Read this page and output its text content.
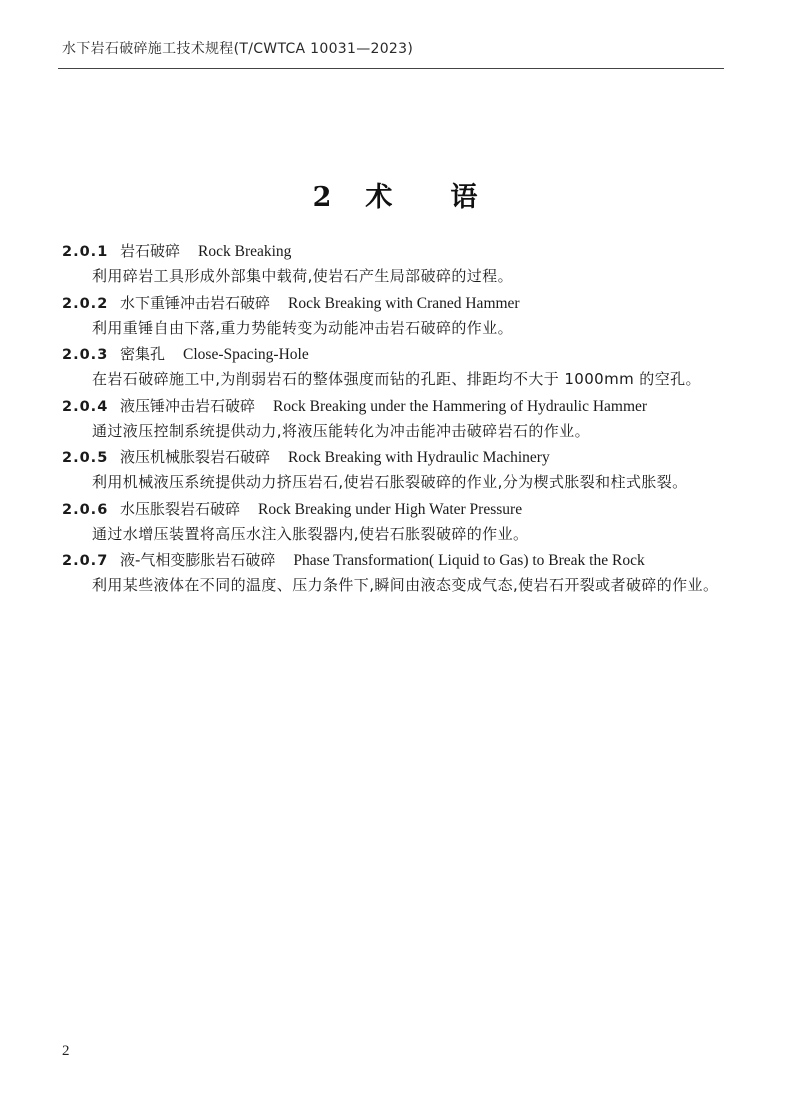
水下岩石破碎施工技术规程(T/CWTCA 10031—2023)
2 术 语
2.0.1 岩石破碎 Rock Breaking

利用碎岩工具形成外部集中载荷,使岩石产生局部破碎的过程。

2.0.2 水下重锤冲击岩石破碎 Rock Breaking with Craned Hammer

利用重锤自由下落,重力势能转变为动能冲击岩石破碎的作业。

2.0.3 密集孔 Close-Spacing-Hole

在岩石破碎施工中,为削弱岩石的整体强度而钻的孔距、排距均不大于 1000mm 的空孔。

2.0.4 液压锤冲击岩石破碎 Rock Breaking under the Hammering of Hydraulic Hammer

通过液压控制系统提供动力,将液压能转化为冲击能冲击破碎岩石的作业。

2.0.5 液压机械胀裂岩石破碎 Rock Breaking with Hydraulic Machinery

利用机械液压系统提供动力挤压岩石,使岩石胀裂破碎的作业,分为楔式胀裂和柱式胀裂。

2.0.6 水压胀裂岩石破碎 Rock Breaking under High Water Pressure

通过水增压装置将高压水注入胀裂器内,使岩石胀裂破碎的作业。

2.0.7 液-气相变膨胀岩石破碎 Phase Transformation( Liquid to Gas) to Break the Rock

利用某些液体在不同的温度、压力条件下,瞬间由液态变成气态,使岩石开裂或者破碎的作业。

2
